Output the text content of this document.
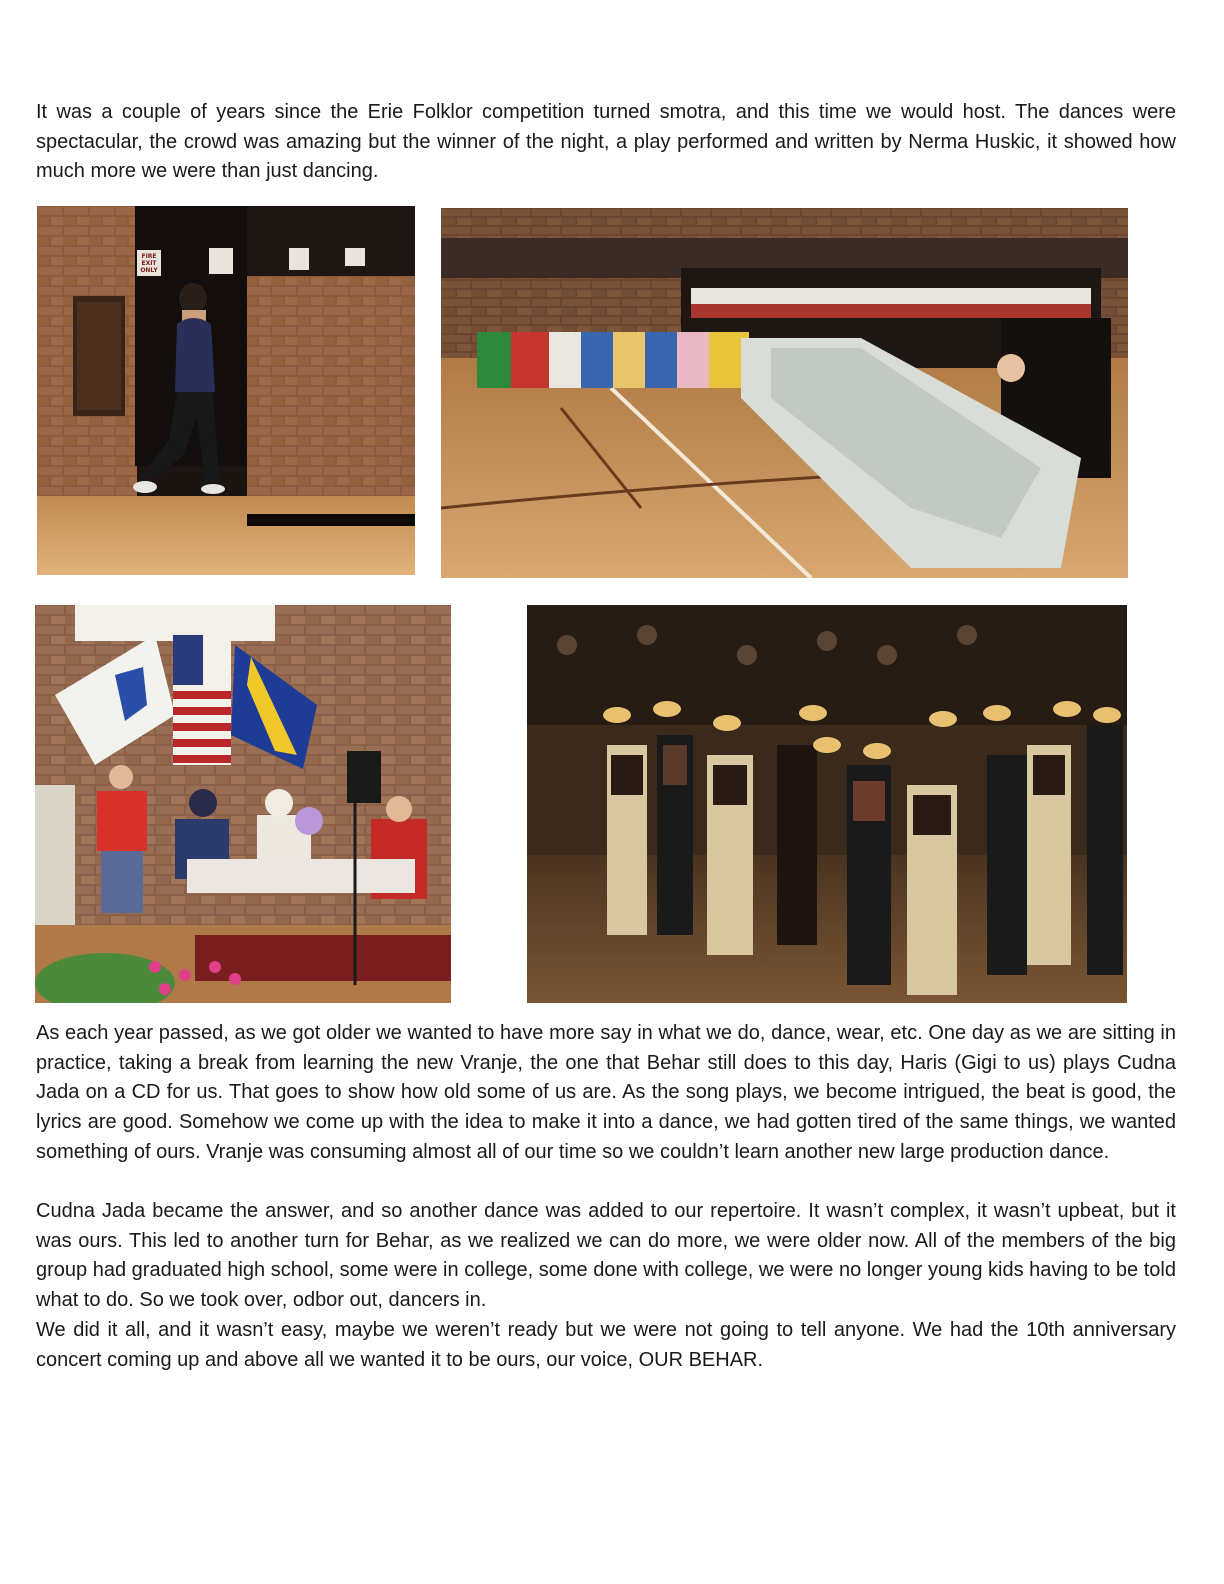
It was a couple of years since the Erie Folklor competition turned smotra, and this time we would host. The dances were spectacular, the crowd was amazing but the winner of the night, a play performed and written by Nerma Huskic, it showed how much more we were than just dancing.

FIRE
EXIT
ONLY

As each year passed, as we got older we wanted to have more say in what we do, dance, wear, etc. One day as we are sitting in practice, taking a break from learning the new Vranje, the one that Behar still does to this day, Haris (Gigi to us) plays Cudna Jada on a CD for us. That goes to show how old some of us are. As the song plays, we become intrigued, the beat is good, the lyrics are good. Somehow we come up with the idea to make it into a dance, we had gotten tired of the same things, we wanted something of ours. Vranje was consuming almost all of our time so we couldn’t learn another new large production dance.

Cudna Jada became the answer, and so another dance was added to our repertoire. It wasn’t complex, it wasn’t upbeat, but it was ours. This led to another turn for Behar, as we realized we can do more, we were older now. All of the members of the big group had graduated high school, some were in college, some done with college, we were no longer young kids having to be told what to do. So we took over, odbor out, dancers in.

We did it all, and it wasn’t easy, maybe we weren’t ready but we were not going to tell anyone. We had the 10th anniversary concert coming up and above all we wanted it to be ours, our voice, OUR BEHAR.
